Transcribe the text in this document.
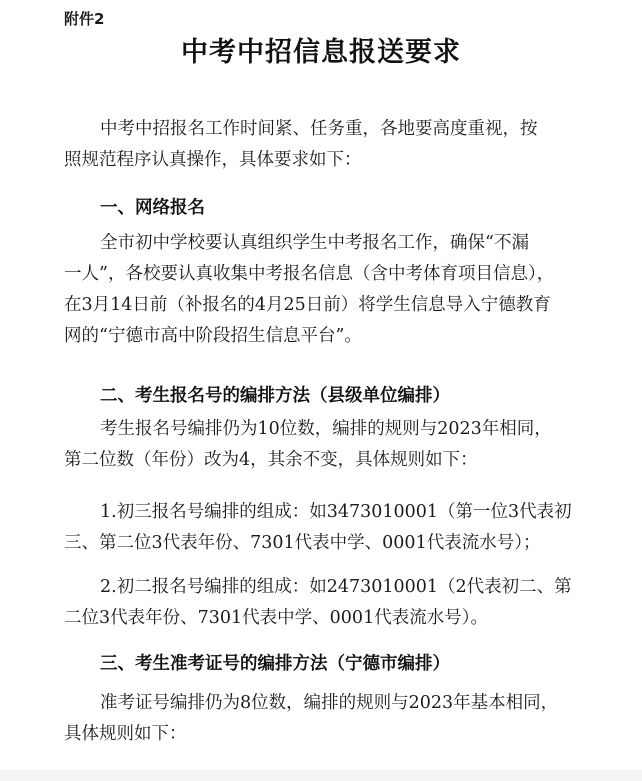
附件2
中考中招信息报送要求
中考中招报名工作时间紧、任务重，各地要高度重视，按
照规范程序认真操作，具体要求如下：
一、网络报名
全市初中学校要认真组织学生中考报名工作，确保“不漏
一人”，各校要认真收集中考报名信息（含中考体育项目信息），
在3月14日前（补报名的4月25日前）将学生信息导入宁德教育
网的“宁德市高中阶段招生信息平台”。
二、考生报名号的编排方法（县级单位编排）
考生报名号编排仍为10位数，编排的规则与2023年相同，
第二位数（年份）改为4，其余不变，具体规则如下：
1.初三报名号编排的组成：如3473010001（第一位3代表初
三、第二位3代表年份、7301代表中学、0001代表流水号）；
2.初二报名号编排的组成：如2473010001（2代表初二、第
二位3代表年份、7301代表中学、0001代表流水号）。
三、考生准考证号的编排方法（宁德市编排）
准考证号编排仍为8位数，编排的规则与2023年基本相同，
具体规则如下：
